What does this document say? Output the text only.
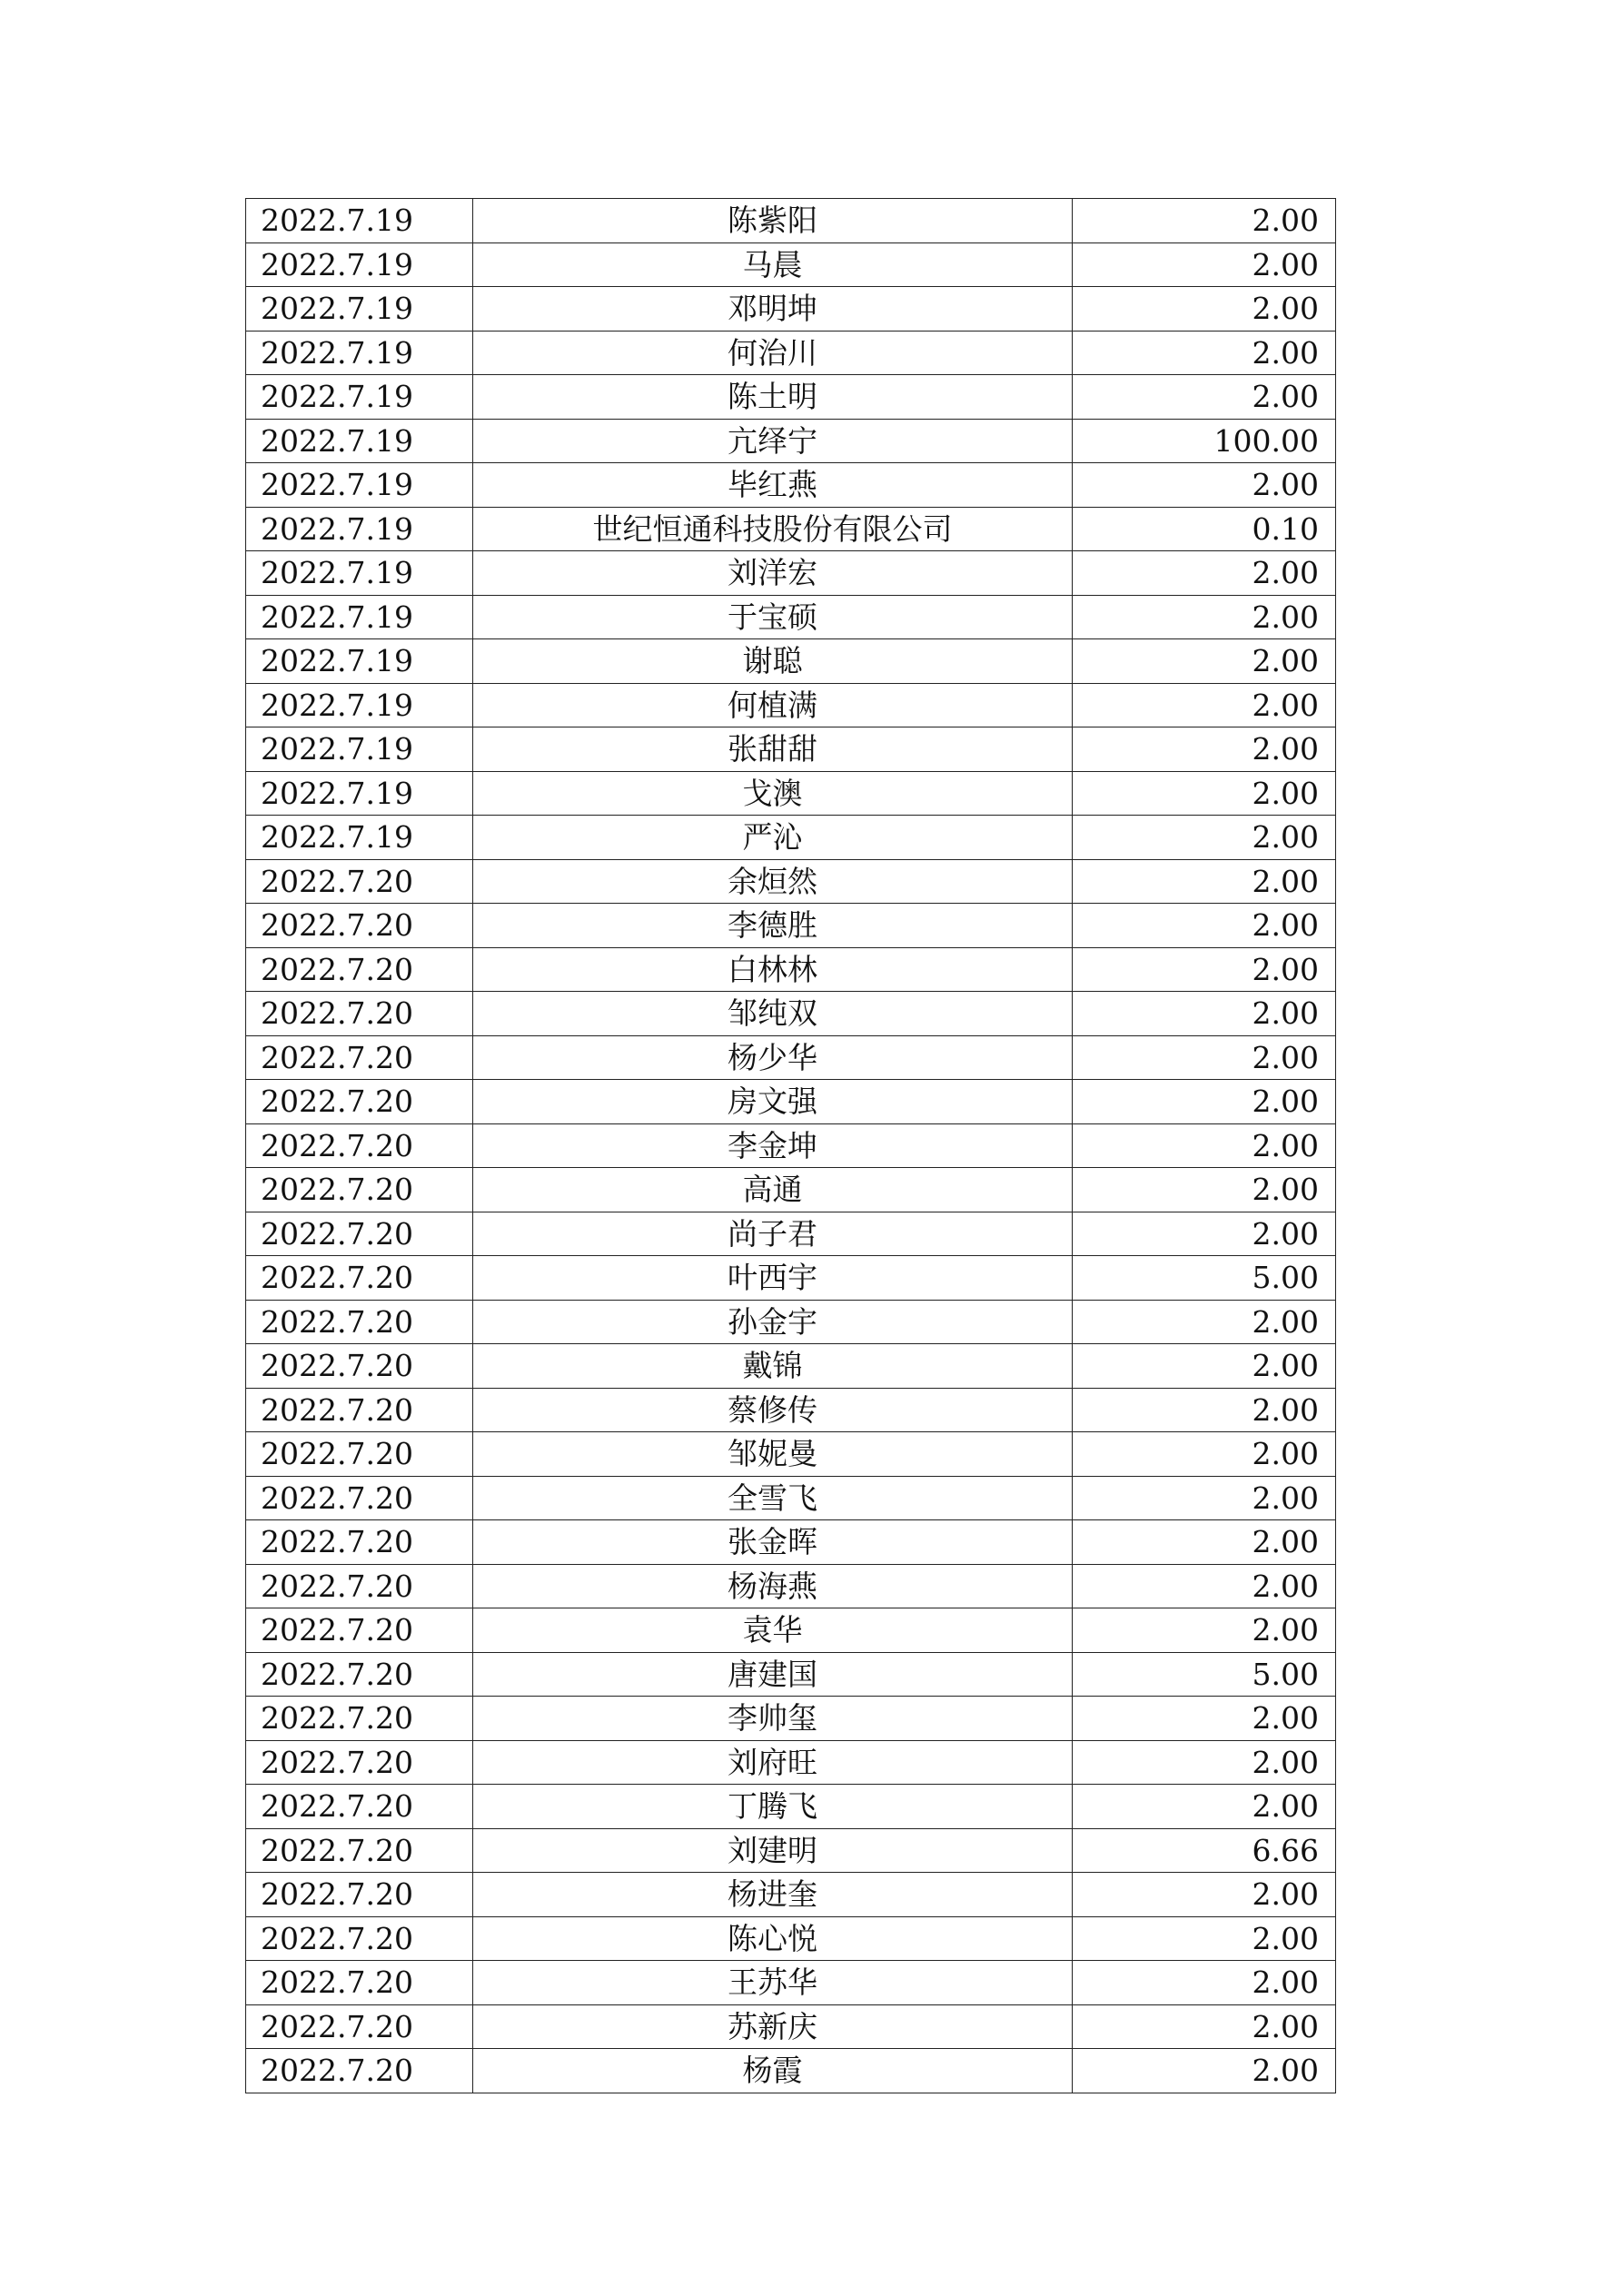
2022.7.19	陈紫阳	2.00
2022.7.19	马晨	2.00
2022.7.19	邓明坤	2.00
2022.7.19	何治川	2.00
2022.7.19	陈土明	2.00
2022.7.19	亢绎宁	100.00
2022.7.19	毕红燕	2.00
2022.7.19	世纪恒通科技股份有限公司	0.10
2022.7.19	刘洋宏	2.00
2022.7.19	于宝硕	2.00
2022.7.19	谢聪	2.00
2022.7.19	何植满	2.00
2022.7.19	张甜甜	2.00
2022.7.19	戈澳	2.00
2022.7.19	严沁	2.00
2022.7.20	余烜然	2.00
2022.7.20	李德胜	2.00
2022.7.20	白林林	2.00
2022.7.20	邹纯双	2.00
2022.7.20	杨少华	2.00
2022.7.20	房文强	2.00
2022.7.20	李金坤	2.00
2022.7.20	高通	2.00
2022.7.20	尚子君	2.00
2022.7.20	叶西宇	5.00
2022.7.20	孙金宇	2.00
2022.7.20	戴锦	2.00
2022.7.20	蔡修传	2.00
2022.7.20	邹妮曼	2.00
2022.7.20	全雪飞	2.00
2022.7.20	张金晖	2.00
2022.7.20	杨海燕	2.00
2022.7.20	袁华	2.00
2022.7.20	唐建国	5.00
2022.7.20	李帅玺	2.00
2022.7.20	刘府旺	2.00
2022.7.20	丁腾飞	2.00
2022.7.20	刘建明	6.66
2022.7.20	杨进奎	2.00
2022.7.20	陈心悦	2.00
2022.7.20	王苏华	2.00
2022.7.20	苏新庆	2.00
2022.7.20	杨霞	2.00
